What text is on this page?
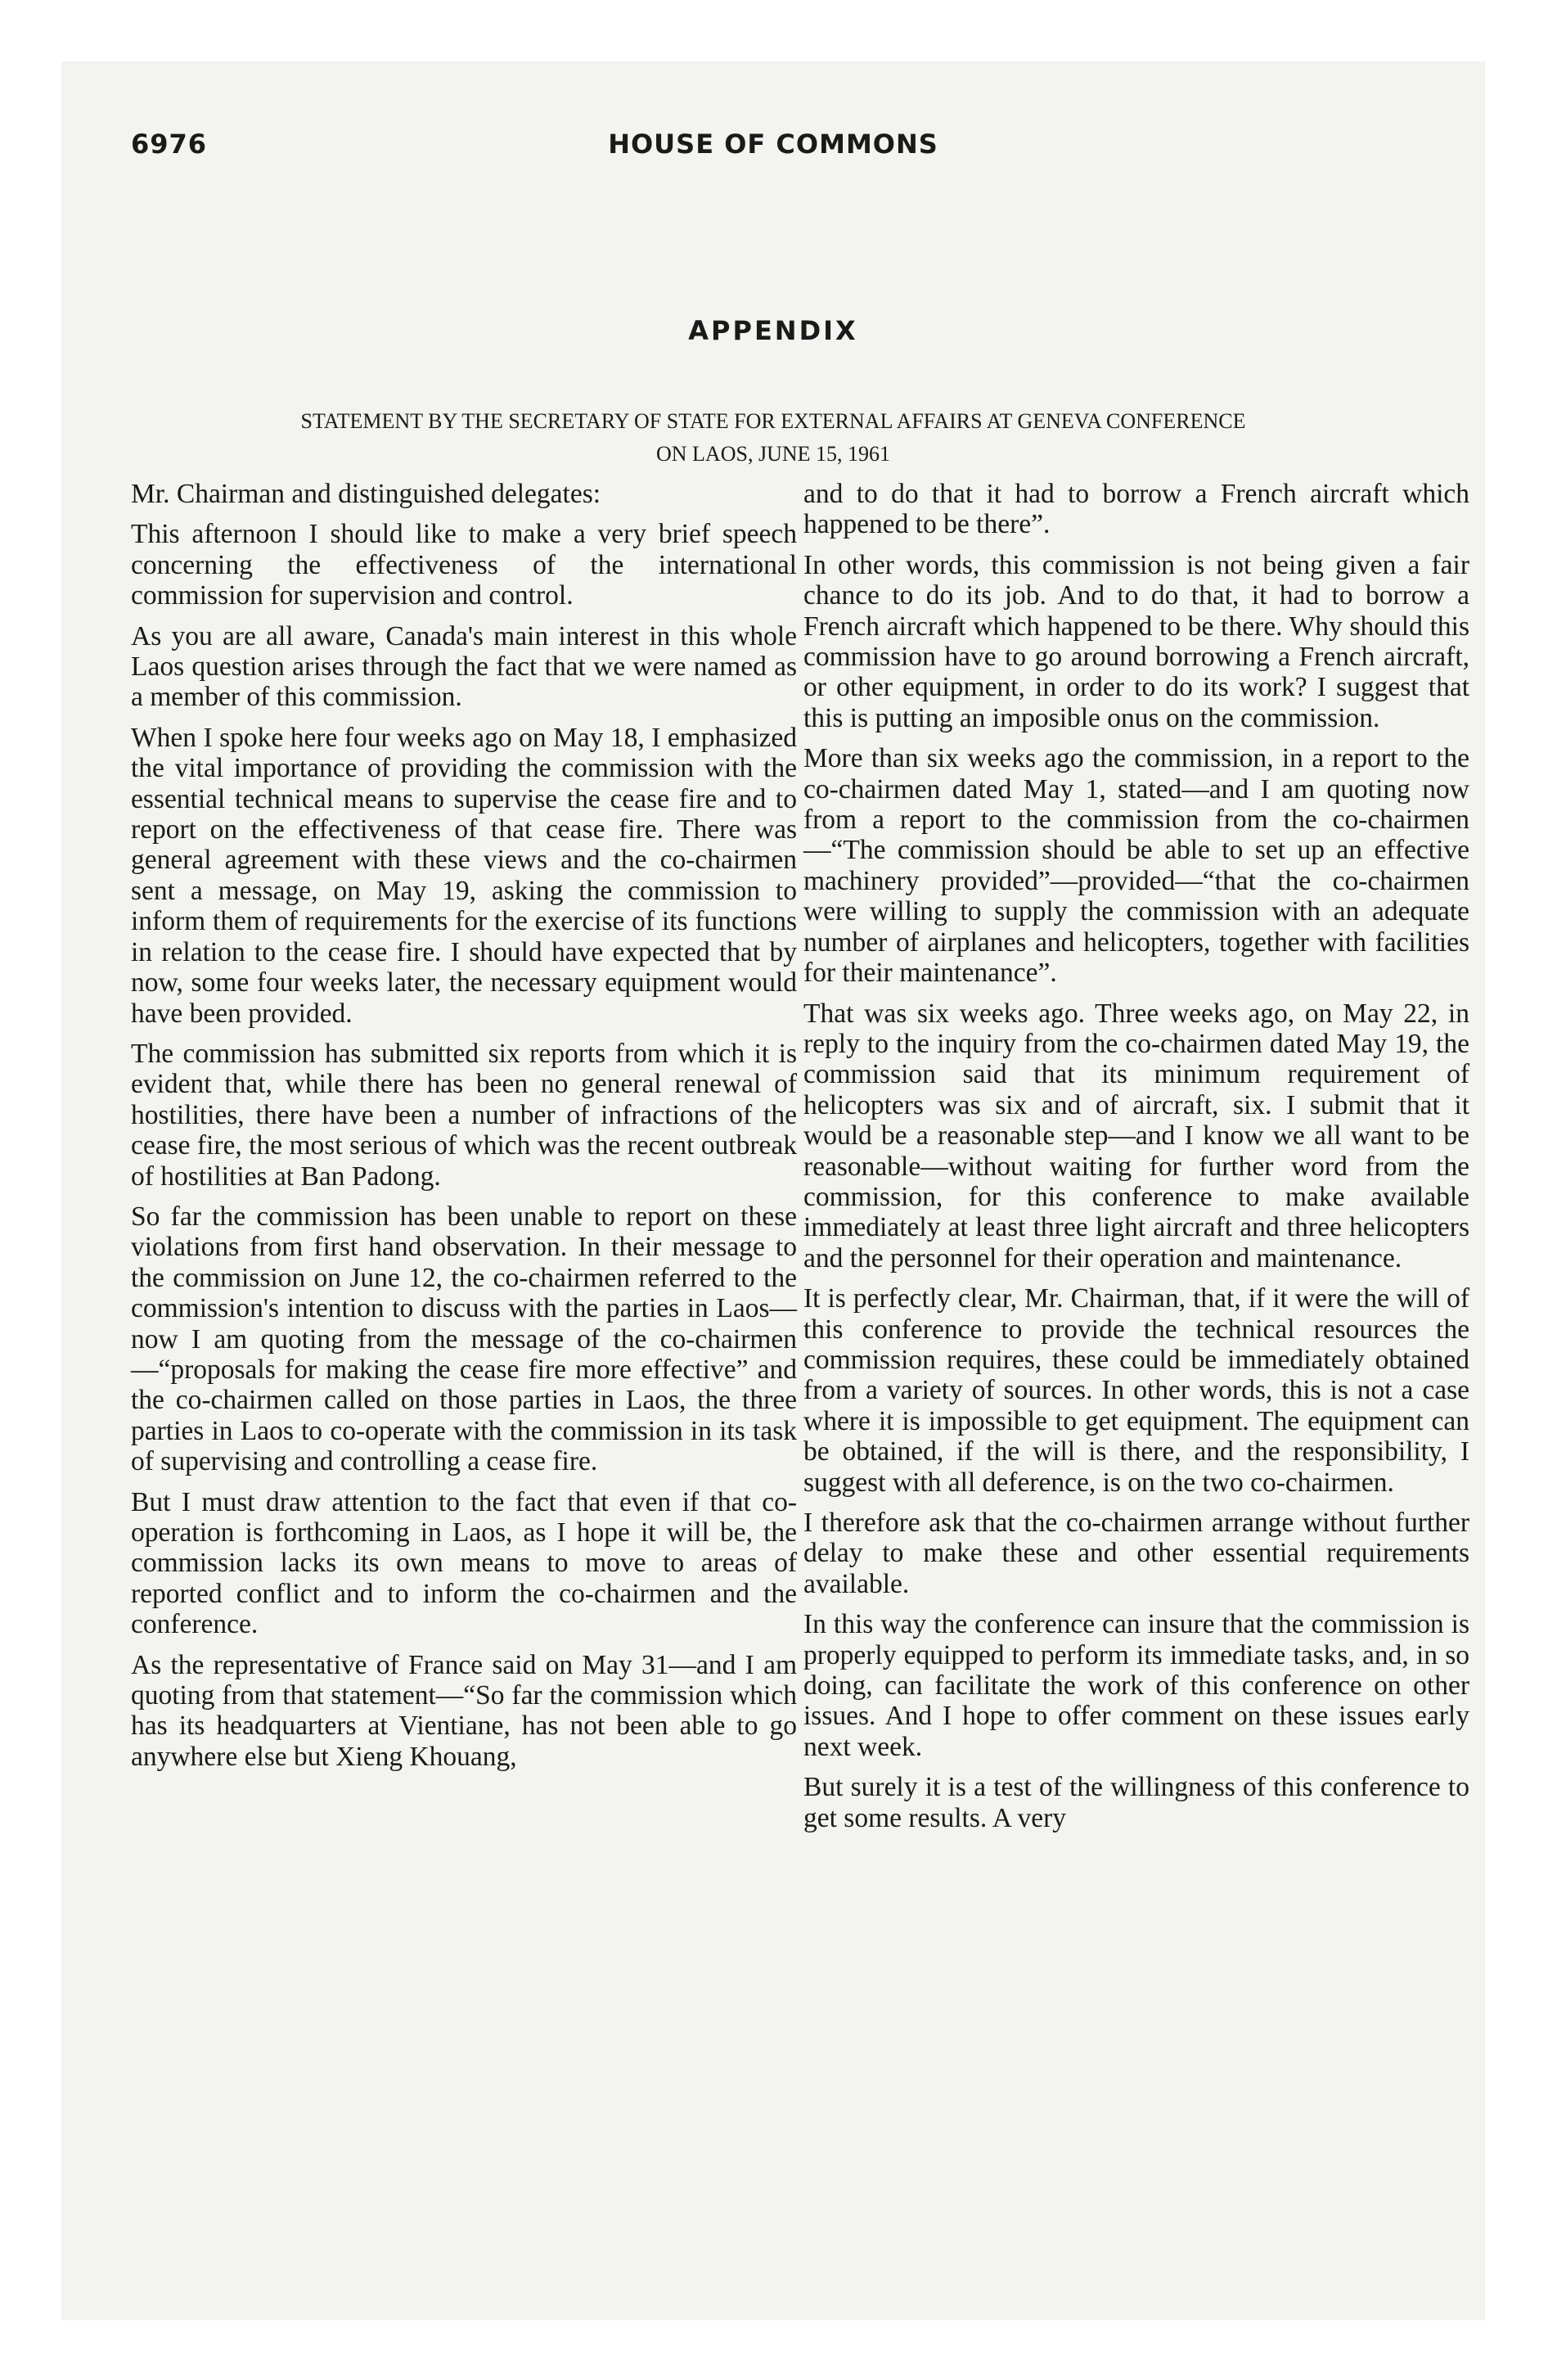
6976	HOUSE OF COMMONS
APPENDIX
STATEMENT BY THE SECRETARY OF STATE FOR EXTERNAL AFFAIRS AT GENEVA CONFERENCE
ON LAOS, JUNE 15, 1961

Mr. Chairman and distinguished delegates:

This afternoon I should like to make a very brief speech concerning the effectiveness of the international commission for supervision and control.

As you are all aware, Canada's main interest in this whole Laos question arises through the fact that we were named as a member of this commission.

When I spoke here four weeks ago on May 18, I emphasized the vital importance of providing the commission with the essential technical means to supervise the cease fire and to report on the effectiveness of that cease fire. There was general agreement with these views and the co-chairmen sent a message, on May 19, asking the commission to inform them of requirements for the exercise of its functions in relation to the cease fire. I should have expected that by now, some four weeks later, the necessary equipment would have been provided.

The commission has submitted six reports from which it is evident that, while there has been no general renewal of hostilities, there have been a number of infractions of the cease fire, the most serious of which was the recent outbreak of hostilities at Ban Padong.

So far the commission has been unable to report on these violations from first hand observation. In their message to the commission on June 12, the co-chairmen referred to the commission's intention to discuss with the parties in Laos—now I am quoting from the message of the co-chairmen—“proposals for making the cease fire more effective” and the co-chairmen called on those parties in Laos, the three parties in Laos to co-operate with the commission in its task of supervising and controlling a cease fire.

But I must draw attention to the fact that even if that co-operation is forthcoming in Laos, as I hope it will be, the commission lacks its own means to move to areas of reported conflict and to inform the co-chairmen and the conference.

As the representative of France said on May 31—and I am quoting from that statement—“So far the commission which has its headquarters at Vientiane, has not been able to go anywhere else but Xieng Khouang,

and to do that it had to borrow a French aircraft which happened to be there”.

In other words, this commission is not being given a fair chance to do its job. And to do that, it had to borrow a French aircraft which happened to be there. Why should this commission have to go around borrowing a French aircraft, or other equipment, in order to do its work? I suggest that this is putting an imposible onus on the commission.

More than six weeks ago the commission, in a report to the co-chairmen dated May 1, stated—and I am quoting now from a report to the commission from the co-chairmen —“The commission should be able to set up an effective machinery provided”—provided—“that the co-chairmen were willing to supply the commission with an adequate number of airplanes and helicopters, together with facilities for their maintenance”.

That was six weeks ago. Three weeks ago, on May 22, in reply to the inquiry from the co-chairmen dated May 19, the commission said that its minimum requirement of helicopters was six and of aircraft, six. I submit that it would be a reasonable step—and I know we all want to be reasonable—without waiting for further word from the commission, for this conference to make available immediately at least three light aircraft and three helicopters and the personnel for their operation and maintenance.

It is perfectly clear, Mr. Chairman, that, if it were the will of this conference to provide the technical resources the commission requires, these could be immediately obtained from a variety of sources. In other words, this is not a case where it is impossible to get equipment. The equipment can be obtained, if the will is there, and the responsibility, I suggest with all deference, is on the two co-chairmen.

I therefore ask that the co-chairmen arrange without further delay to make these and other essential requirements available.

In this way the conference can insure that the commission is properly equipped to perform its immediate tasks, and, in so doing, can facilitate the work of this conference on other issues. And I hope to offer comment on these issues early next week.

But surely it is a test of the willingness of this conference to get some results. A very
